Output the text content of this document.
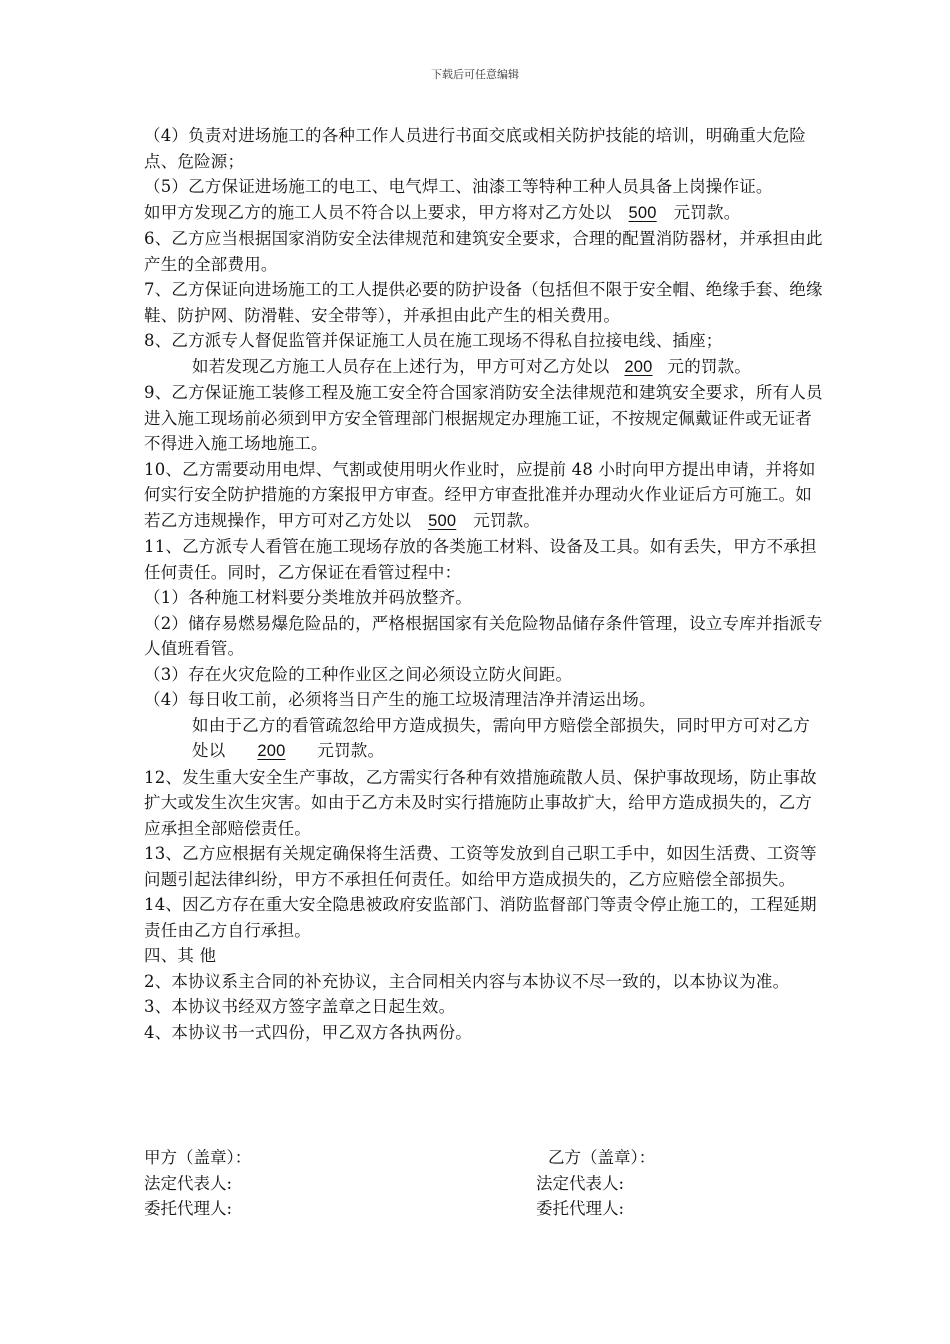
下载后可任意编辑

（4）负责对进场施工的各种工作人员进行书面交底或相关防护技能的培训，明确重大危险点、危险源；

（5）乙方保证进场施工的电工、电气焊工、油漆工等特种工种人员具备上岗操作证。

如甲方发现乙方的施工人员不符合以上要求，甲方将对乙方处以 500 元罚款。

6、乙方应当根据国家消防安全法律规范和建筑安全要求，合理的配置消防器材，并承担由此产生的全部费用。

7、乙方保证向进场施工的工人提供必要的防护设备（包括但不限于安全帽、绝缘手套、绝缘鞋、防护网、防滑鞋、安全带等），并承担由此产生的相关费用。

8、乙方派专人督促监管并保证施工人员在施工现场不得私自拉接电线、插座；

如若发现乙方施工人员存在上述行为，甲方可对乙方处以 200 元的罚款。

9、乙方保证施工装修工程及施工安全符合国家消防安全法律规范和建筑安全要求，所有人员进入施工现场前必须到甲方安全管理部门根据规定办理施工证，不按规定佩戴证件或无证者不得进入施工场地施工。

10、乙方需要动用电焊、气割或使用明火作业时，应提前 48 小时向甲方提出申请，并将如何实行安全防护措施的方案报甲方审查。经甲方审查批准并办理动火作业证后方可施工。如若乙方违规操作，甲方可对乙方处以 500 元罚款。

11、乙方派专人看管在施工现场存放的各类施工材料、设备及工具。如有丢失，甲方不承担任何责任。同时，乙方保证在看管过程中：

（1）各种施工材料要分类堆放并码放整齐。

（2）储存易燃易爆危险品的，严格根据国家有关危险物品储存条件管理，设立专库并指派专人值班看管。

（3）存在火灾危险的工种作业区之间必须设立防火间距。

（4）每日收工前，必须将当日产生的施工垃圾清理洁净并清运出场。

如由于乙方的看管疏忽给甲方造成损失，需向甲方赔偿全部损失，同时甲方可对乙方处以 200 元罚款。

12、发生重大安全生产事故，乙方需实行各种有效措施疏散人员、保护事故现场，防止事故扩大或发生次生灾害。如由于乙方未及时实行措施防止事故扩大，给甲方造成损失的，乙方应承担全部赔偿责任。

13、乙方应根据有关规定确保将生活费、工资等发放到自己职工手中，如因生活费、工资等问题引起法律纠纷，甲方不承担任何责任。如给甲方造成损失的，乙方应赔偿全部损失。

14、因乙方存在重大安全隐患被政府安监部门、消防监督部门等责令停止施工的，工程延期责任由乙方自行承担。

四、其 他

2、本协议系主合同的补充协议，主合同相关内容与本协议不尽一致的，以本协议为准。

3、本协议书经双方签字盖章之日起生效。

4、本协议书一式四份，甲乙双方各执两份。

甲方（盖章）：	乙方（盖章）：
法定代表人:	法定代表人:
委托代理人:	委托代理人:
